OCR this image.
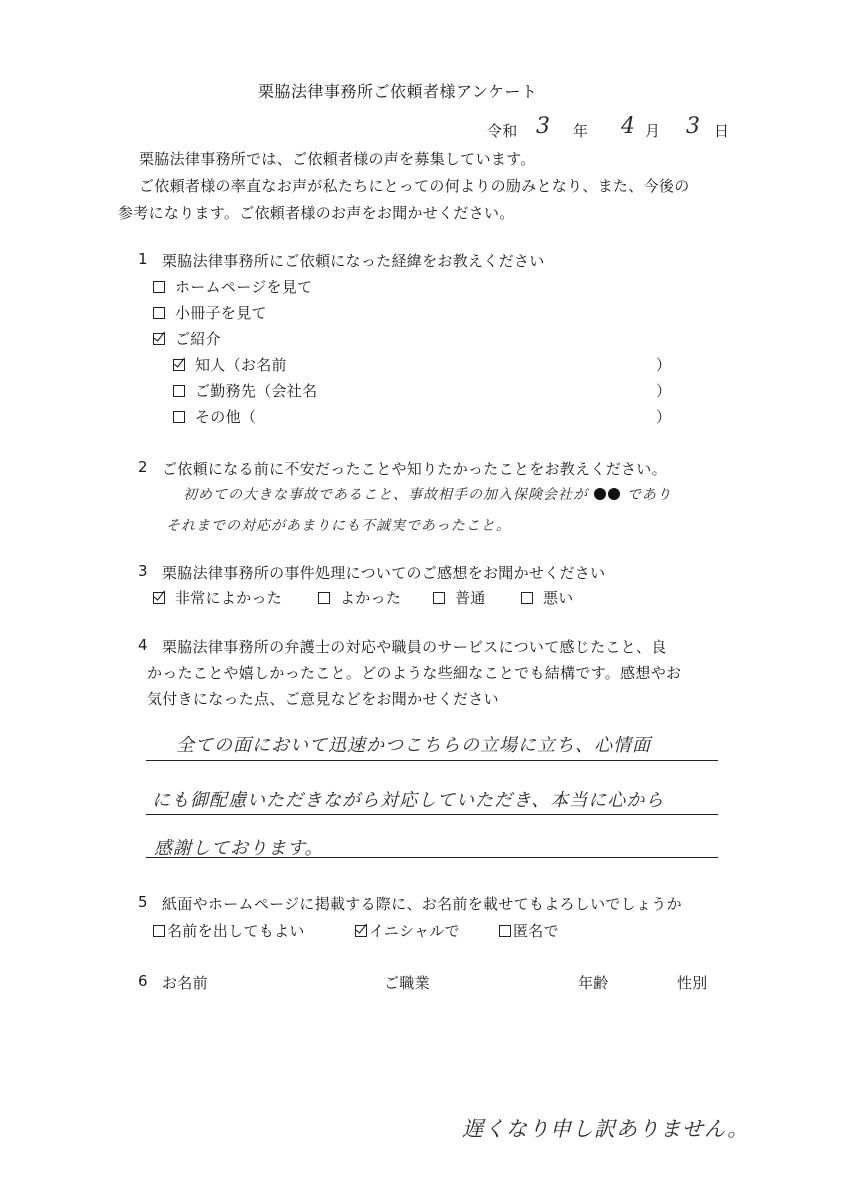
栗脇法律事務所ご依頼者様アンケート
令和 3 年 4 月 3 日
栗脇法律事務所では、ご依頼者様の声を募集しています。
ご依頼者様の率直なお声が私たちにとっての何よりの励みとなり、また、今後の
参考になります。ご依頼者様のお声をお聞かせください。
1 栗脇法律事務所にご依頼になった経緯をお教えください
ホームページを見て
小冊子を見て
ご紹介
知人（お名前	）
ご勤務先（会社名	）
その他（	）
2 ご依頼になる前に不安だったことや知りたかったことをお教えください。
初めての大きな事故であること、事故相手の加入保険会社が	であり
それまでの対応があまりにも不誠実であったこと。
3 栗脇法律事務所の事件処理についてのご感想をお聞かせください
非常によかった	よかった	普通	悪い
4 栗脇法律事務所の弁護士の対応や職員のサービスについて感じたこと、良
かったことや嬉しかったこと。どのような些細なことでも結構です。感想やお
気付きになった点、ご意見などをお聞かせください
全ての面において迅速かつこちらの立場に立ち、心情面
にも御配慮いただきながら対応していただき、本当に心から
感謝しております。
5 紙面やホームページに掲載する際に、お名前を載せてもよろしいでしょうか
名前を出してもよい	イニシャルで	匿名で
6 お名前	ご職業	年齢	性別
遅くなり申し訳ありません。
